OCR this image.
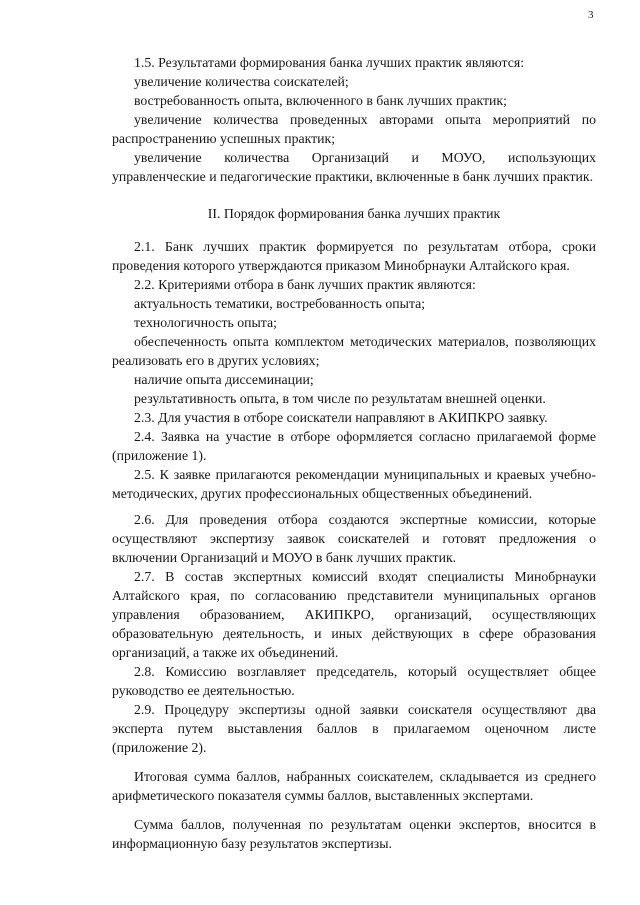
3

1.5. Результатами формирования банка лучших практик являются:

увеличение количества соискателей;

востребованность опыта, включенного в банк лучших практик;

увеличение количества проведенных авторами опыта мероприятий по распространению успешных практик;

увеличение количества Организаций и МОУО, использующих управленческие и педагогические практики, включенные в банк лучших практик.

II. Порядок формирования банка лучших практик

2.1. Банк лучших практик формируется по результатам отбора, сроки проведения которого утверждаются приказом Минобрнауки Алтайского края.

2.2. Критериями отбора в банк лучших практик являются:

актуальность тематики, востребованность опыта;

технологичность опыта;

обеспеченность опыта комплектом методических материалов, позволяющих реализовать его в других условиях;

наличие опыта диссеминации;

результативность опыта, в том числе по результатам внешней оценки.

2.3. Для участия в отборе соискатели направляют в АКИПКРО заявку.

2.4. Заявка на участие в отборе оформляется согласно прилагаемой форме (приложение 1).

2.5. К заявке прилагаются рекомендации муниципальных и краевых учебно-методических, других профессиональных общественных объединений.

2.6. Для проведения отбора создаются экспертные комиссии, которые осуществляют экспертизу заявок соискателей и готовят предложения о включении Организаций и МОУО в банк лучших практик.

2.7. В состав экспертных комиссий входят специалисты Минобрнауки Алтайского края, по согласованию представители муниципальных органов управления образованием, АКИПКРО, организаций, осуществляющих образовательную деятельность, и иных действующих в сфере образования организаций, а также их объединений.

2.8. Комиссию возглавляет председатель, который осуществляет общее руководство ее деятельностью.

2.9. Процедуру экспертизы одной заявки соискателя осуществляют два эксперта путем выставления баллов в прилагаемом оценочном листе (приложение 2).

Итоговая сумма баллов, набранных соискателем, складывается из среднего арифметического показателя суммы баллов, выставленных экспертами.

Сумма баллов, полученная по результатам оценки экспертов, вносится в информационную базу результатов экспертизы.
